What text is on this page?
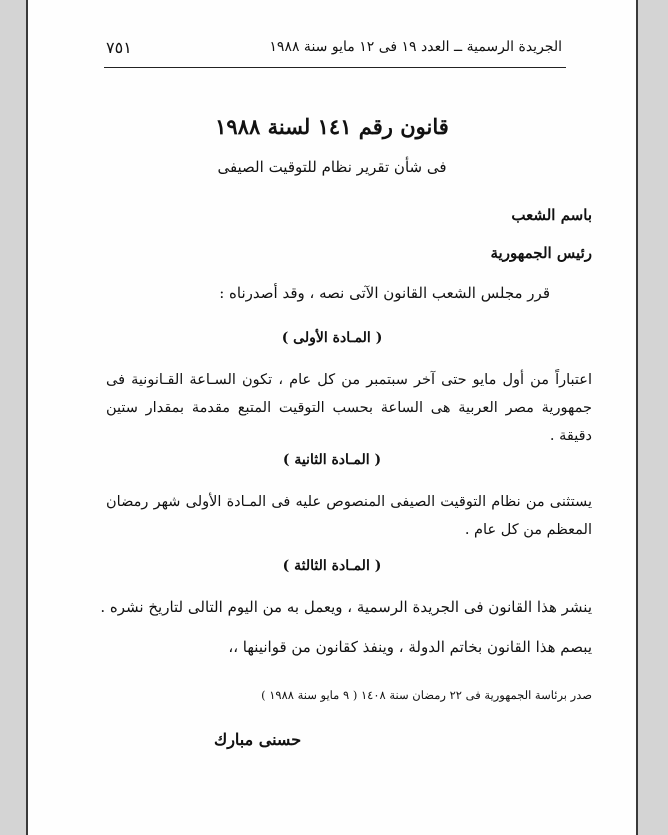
٧٥١	الجريدة الرسمية ــ العدد ١٩ فى ١٢ مايو سنة ١٩٨٨
قانون رقم ١٤١ لسنة ١٩٨٨
فى شأن تقرير نظام للتوقيت الصيفى
باسم الشعب
رئيس الجمهورية
قرر مجلس الشعب القانون الآتى نصه ، وقد أصدرناه :
( المـادة الأولى )
اعتباراً من أول مايو حتى آخر سبتمبر من كل عام ، تكون السـاعة القـانونية فى جمهورية مصر العربية هى الساعة بحسب التوقيت المتبع مقدمة بمقدار ستين دقيقة .
( المـادة الثانية )
يستثنى من نظام التوقيت الصيفى المنصوص عليه فى المـادة الأولى شهر رمضان المعظم من كل عام .
( المـادة الثالثة )
ينشر هذا القانون فى الجريدة الرسمية ، ويعمل به من اليوم التالى لتاريخ نشره .
يبصم هذا القانون بخاتم الدولة ، وينفذ كقانون من قوانينها ،،
صدر برئاسة الجمهورية فى ٢٢ رمضان سنة ١٤٠٨ ( ٩ مايو سنة ١٩٨٨ )
حسنى مبارك
